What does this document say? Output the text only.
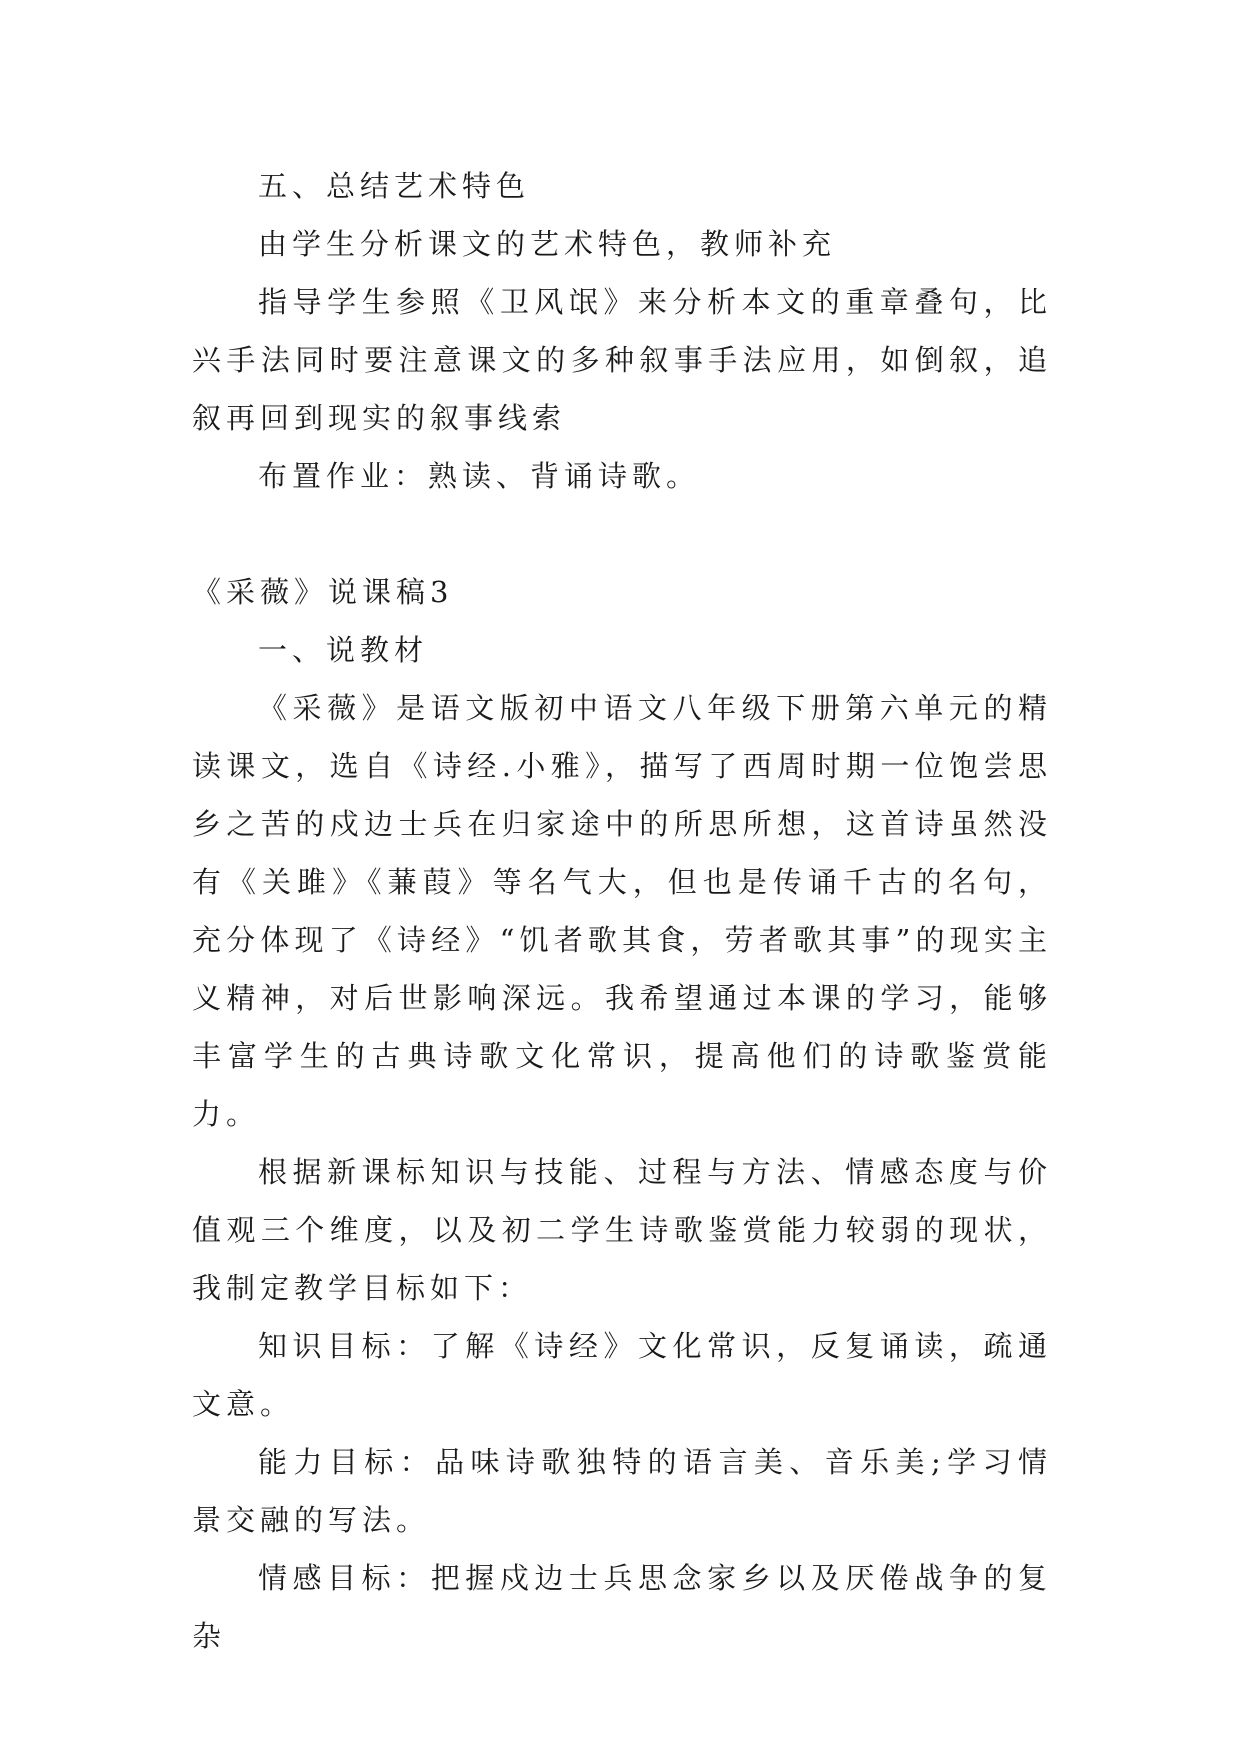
五、总结艺术特色

由学生分析课文的艺术特色，教师补充

指导学生参照《卫风氓》来分析本文的重章叠句，比兴手法同时要注意课文的多种叙事手法应用，如倒叙，追叙再回到现实的叙事线索

布置作业：熟读、背诵诗歌。

《采薇》说课稿3

一、说教材

《采薇》是语文版初中语文八年级下册第六单元的精读课文，选自《诗经.小雅》，描写了西周时期一位饱尝思乡之苦的戍边士兵在归家途中的所思所想，这首诗虽然没有《关雎》《蒹葭》等名气大，但也是传诵千古的名句，充分体现了《诗经》“饥者歌其食，劳者歌其事”的现实主义精神，对后世影响深远。我希望通过本课的学习，能够丰富学生的古典诗歌文化常识，提高他们的诗歌鉴赏能力。

根据新课标知识与技能、过程与方法、情感态度与价值观三个维度，以及初二学生诗歌鉴赏能力较弱的现状，我制定教学目标如下：

知识目标：了解《诗经》文化常识，反复诵读，疏通文意。

能力目标：品味诗歌独特的语言美、音乐美;学习情景交融的写法。

情感目标：把握戍边士兵思念家乡以及厌倦战争的复杂
